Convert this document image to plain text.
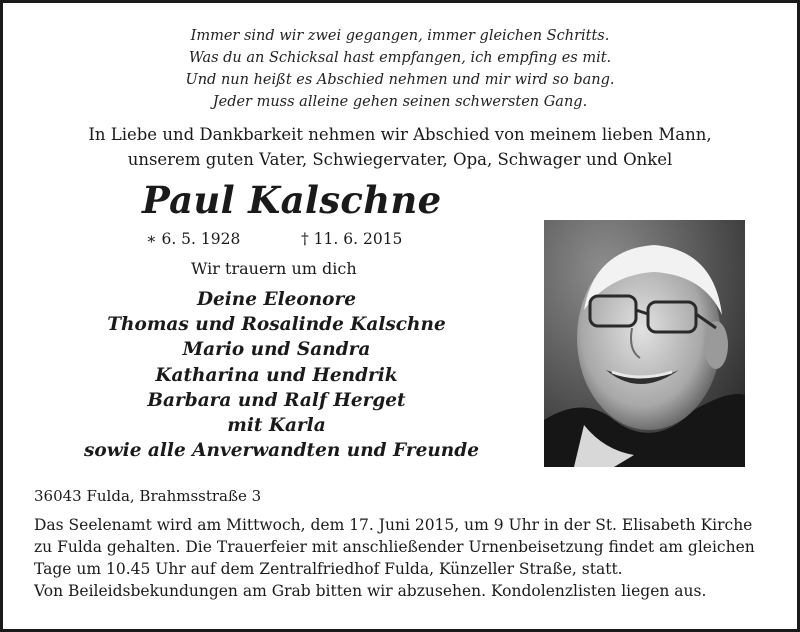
Immer sind wir zwei gegangen, immer gleichen Schritts.
Was du an Schicksal hast empfangen, ich empfing es mit.
Und nun heißt es Abschied nehmen und mir wird so bang.
Jeder muss alleine gehen seinen schwersten Gang.
In Liebe und Dankbarkeit nehmen wir Abschied von meinem lieben Mann,
unserem guten Vater, Schwiegervater, Opa, Schwager und Onkel
Paul Kalschne
∗ 6. 5. 1928	† 11. 6. 2015
Wir trauern um dich
Deine Eleonore
Thomas und Rosalinde Kalschne
Mario und Sandra
Katharina und Hendrik
Barbara und Ralf Herget
mit Karla
sowie alle Anverwandten und Freunde
36043 Fulda, Brahmsstraße 3
Das Seelenamt wird am Mittwoch, dem 17. Juni 2015, um 9 Uhr in der St. Elisabeth Kirche
zu Fulda gehalten. Die Trauerfeier mit anschließender Urnenbeisetzung findet am gleichen
Tage um 10.45 Uhr auf dem Zentralfriedhof Fulda, Künzeller Straße, statt.
Von Beileidsbekundungen am Grab bitten wir abzusehen. Kondolenzlisten liegen aus.
